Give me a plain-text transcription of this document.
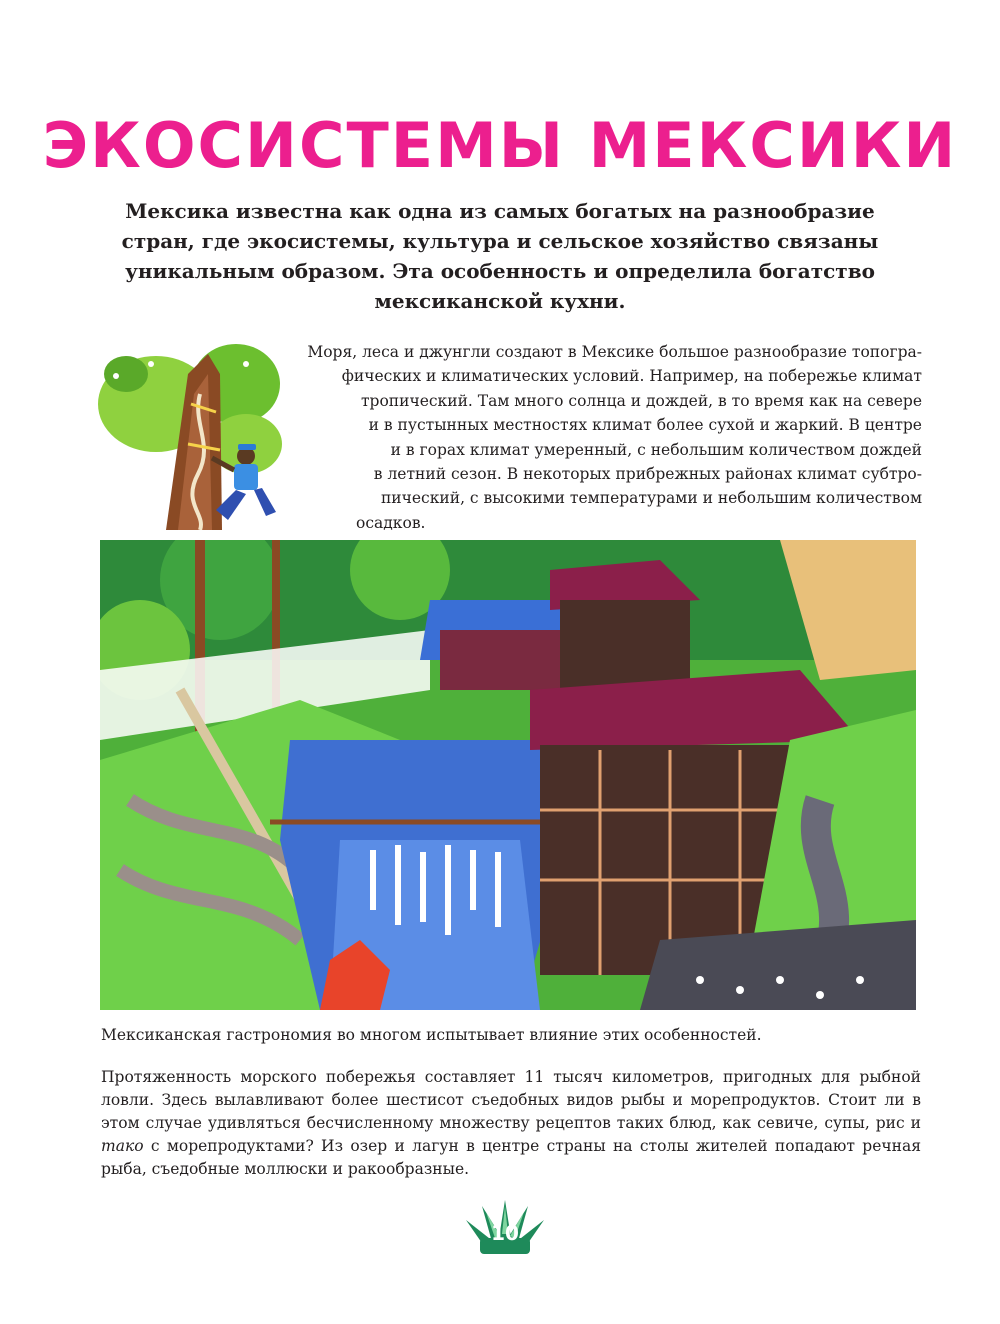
ЭКОСИСТЕМЫ МЕКСИКИ
Мексика известна как одна из самых богатых на разнообразие стран, где экосистемы, культура и сельское хозяйство связаны уникальным образом. Эта особенность и определила богатство мексиканской кухни.
Моря, леса и джунгли создают в Мексике большое разнообразие топогра-
фических и климатических условий. Например, на побережье климат
тропический. Там много солнца и дождей, в то время как на севере
и в пустынных местностях климат более сухой и жаркий. В центре
и в горах климат умеренный, с небольшим количеством дождей
в летний сезон. В некоторых прибрежных районах климат субтро-
пический, с высокими температурами и небольшим количеством
осадков.
Мексиканская гастрономия во многом испытывает влияние этих особенностей.
Протяженность морского побережья составляет 11 тысяч километров, пригодных для рыбной ловли. Здесь вылавливают более шестисот съедобных видов рыбы и морепродуктов. Стоит ли в этом случае удивляться бесчисленному множеству рецептов таких блюд, как севиче, супы, рис и тако с морепродуктами? Из озер и лагун в центре страны на столы жителей попадают речная рыба, съедобные моллюски и ракообразные.
10
